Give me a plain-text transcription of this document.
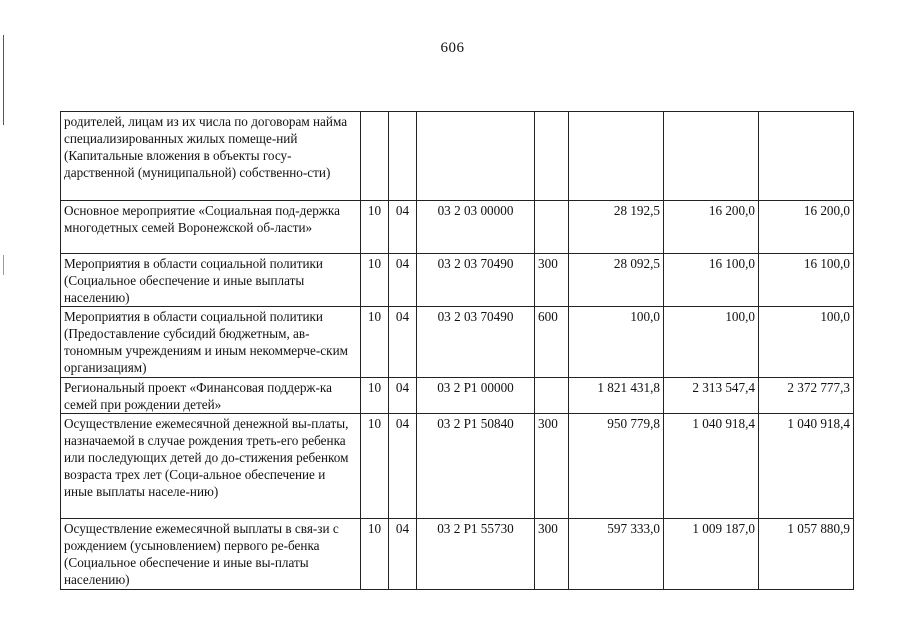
606
родителей, лицам из их числа по договорам найма специализированных жилых помеще-ний (Капитальные вложения в объекты госу-дарственной (муниципальной) собственно-сти)							
Основное мероприятие «Социальная под-держка многодетных семей Воронежской об-ласти»	10	04	03 2 03 00000		28 192,5	16 200,0	16 200,0
Мероприятия в области социальной политики (Социальное обеспечение и иные выплаты населению)	10	04	03 2 03 70490	300	28 092,5	16 100,0	16 100,0
Мероприятия в области социальной политики (Предоставление субсидий бюджетным, ав-тономным учреждениям и иным некоммерче-ским организациям)	10	04	03 2 03 70490	600	100,0	100,0	100,0
Региональный проект «Финансовая поддерж-ка семей при рождении детей»	10	04	03 2 P1 00000		1 821 431,8	2 313 547,4	2 372 777,3
Осуществление ежемесячной денежной вы-платы, назначаемой в случае рождения треть-его ребенка или последующих детей до до-стижения ребенком возраста трех лет (Соци-альное обеспечение и иные выплаты населе-нию)	10	04	03 2 P1 50840	300	950 779,8	1 040 918,4	1 040 918,4
Осуществление ежемесячной выплаты в свя-зи с рождением (усыновлением) первого ре-бенка (Социальное обеспечение и иные вы-платы населению)	10	04	03 2 P1 55730	300	597 333,0	1 009 187,0	1 057 880,9
